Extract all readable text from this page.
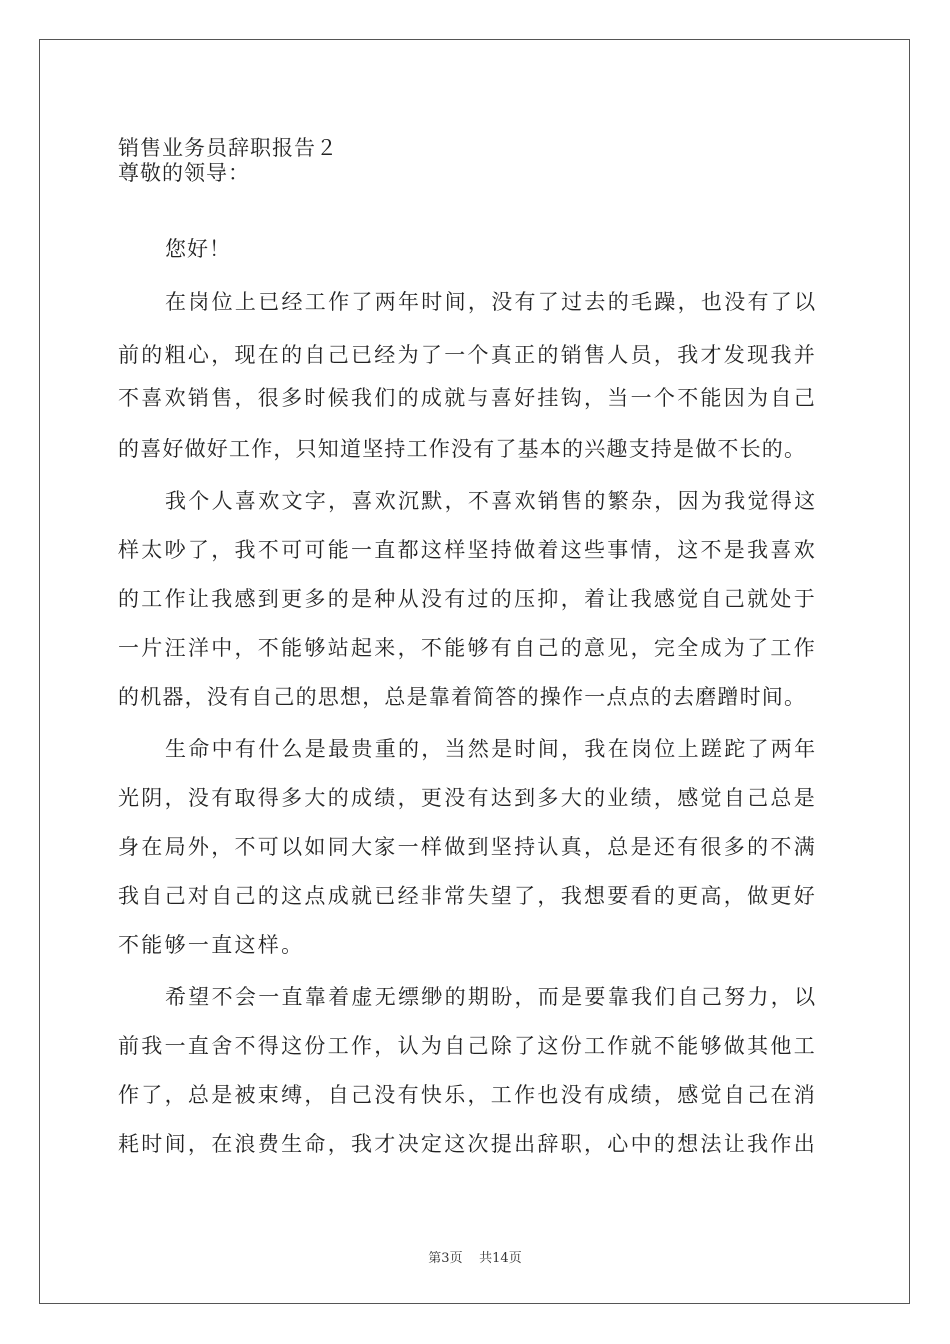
销售业务员辞职报告２
尊敬的领导：
您好！
在岗位上已经工作了两年时间，没有了过去的毛躁，也没有了以
前的粗心，现在的自己已经为了一个真正的销售人员，我才发现我并
不喜欢销售，很多时候我们的成就与喜好挂钩，当一个不能因为自己
的喜好做好工作，只知道坚持工作没有了基本的兴趣支持是做不长的。
我个人喜欢文字，喜欢沉默，不喜欢销售的繁杂，因为我觉得这
样太吵了，我不可可能一直都这样坚持做着这些事情，这不是我喜欢
的工作让我感到更多的是种从没有过的压抑，着让我感觉自己就处于
一片汪洋中，不能够站起来，不能够有自己的意见，完全成为了工作
的机器，没有自己的思想，总是靠着简答的操作一点点的去磨蹭时间。
生命中有什么是最贵重的，当然是时间，我在岗位上蹉跎了两年
光阴，没有取得多大的成绩，更没有达到多大的业绩，感觉自己总是
身在局外，不可以如同大家一样做到坚持认真，总是还有很多的不满
我自己对自己的这点成就已经非常失望了，我想要看的更高，做更好
不能够一直这样。
希望不会一直靠着虚无缥缈的期盼，而是要靠我们自己努力，以
前我一直舍不得这份工作，认为自己除了这份工作就不能够做其他工
作了，总是被束缚，自己没有快乐，工作也没有成绩，感觉自己在消
耗时间，在浪费生命，我才决定这次提出辞职，心中的想法让我作出
第3页 共14页
